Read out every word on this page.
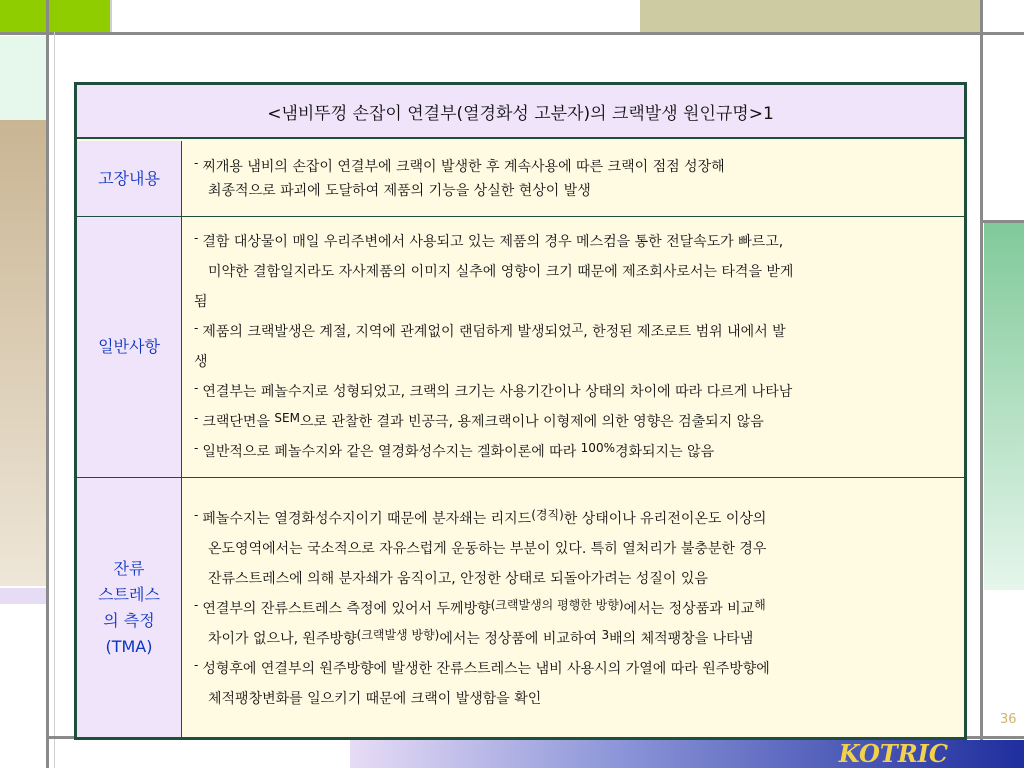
<냄비뚜껑 손잡이 연결부(열경화성 고분자)의 크랙발생 원인규명>1
고장내용
- 찌개용 냄비의 손잡이 연결부에 크랙이 발생한 후 계속사용에 따른 크랙이 점점 성장해
최종적으로 파괴에 도달하여 제품의 기능을 상실한 현상이 발생
일반사항
- 결함 대상물이 매일 우리주변에서 사용되고 있는 제품의 경우 메스컴을 통한 전달속도가 빠르고,
미약한 결함일지라도 자사제품의 이미지 실추에 영향이 크기 때문에 제조회사로서는 타격을 받게
됨
- 제품의 크랙발생은 계절, 지역에 관계없이 랜덤하게 발생되었고, 한정된 제조로트 범위 내에서 발
생
- 연결부는 페놀수지로 성형되었고, 크랙의 크기는 사용기간이나 상태의 차이에 따라 다르게 나타남
- 크랙단면을 SEM으로 관찰한 결과 빈공극, 용제크랙이나 이형제에 의한 영향은 검출되지 않음
- 일반적으로 페놀수지와 같은 열경화성수지는 겔화이론에 따라 100%경화되지는 않음
잔류
스트레스
의 측정
(TMA)
- 페놀수지는 열경화성수지이기 때문에 분자쇄는 리지드(경직)한 상태이나 유리전이온도 이상의
온도영역에서는 국소적으로 자유스럽게 운동하는 부분이 있다. 특히 열처리가 불충분한 경우
잔류스트레스에 의해 분자쇄가 움직이고, 안정한 상태로 되돌아가려는 성질이 있음
- 연결부의 잔류스트레스 측정에 있어서 두께방향(크랙발생의 평행한 방향)에서는 정상품과 비교해
차이가 없으나, 원주방향(크랙발생 방향)에서는 정상품에 비교하여 3배의 체적팽창을 나타냄
- 성형후에 연결부의 원주방향에 발생한 잔류스트레스는 냄비 사용시의 가열에 따라 원주방향에
체적팽창변화를 일으키기 때문에 크랙이 발생함을 확인
36
KOTRIC
